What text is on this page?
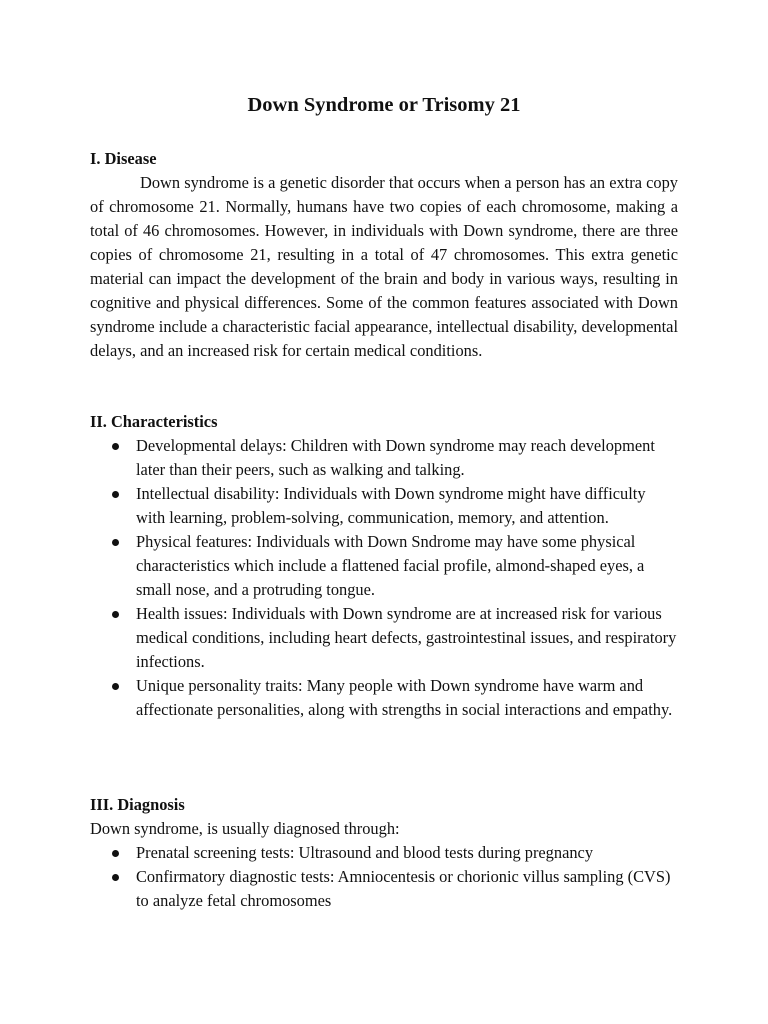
Down Syndrome or Trisomy 21
I. Disease

Down syndrome is a genetic disorder that occurs when a person has an extra copy of chromosome 21. Normally, humans have two copies of each chromosome, making a total of 46 chromosomes. However, in individuals with Down syndrome, there are three copies of chromosome 21, resulting in a total of 47 chromosomes. This extra genetic material can impact the development of the brain and body in various ways, resulting in cognitive and physical differences. Some of the common features associated with Down syndrome include a characteristic facial appearance, intellectual disability, developmental delays, and an increased risk for certain medical conditions.

II. Characteristics
Developmental delays: Children with Down syndrome may reach development later than their peers, such as walking and talking.
Intellectual disability: Individuals with Down syndrome might have difficulty with learning, problem-solving, communication, memory, and attention.
Physical features: Individuals with Down Sndrome may have some physical characteristics which include a flattened facial profile, almond-shaped eyes, a small nose, and a protruding tongue.
Health issues: Individuals with Down syndrome are at increased risk for various medical conditions, including heart defects, gastrointestinal issues, and respiratory infections.
Unique personality traits: Many people with Down syndrome have warm and affectionate personalities, along with strengths in social interactions and empathy.
III. Diagnosis

Down syndrome, is usually diagnosed through:

Prenatal screening tests: Ultrasound and blood tests during pregnancy
Confirmatory diagnostic tests: Amniocentesis or chorionic villus sampling (CVS) to analyze fetal chromosomes
